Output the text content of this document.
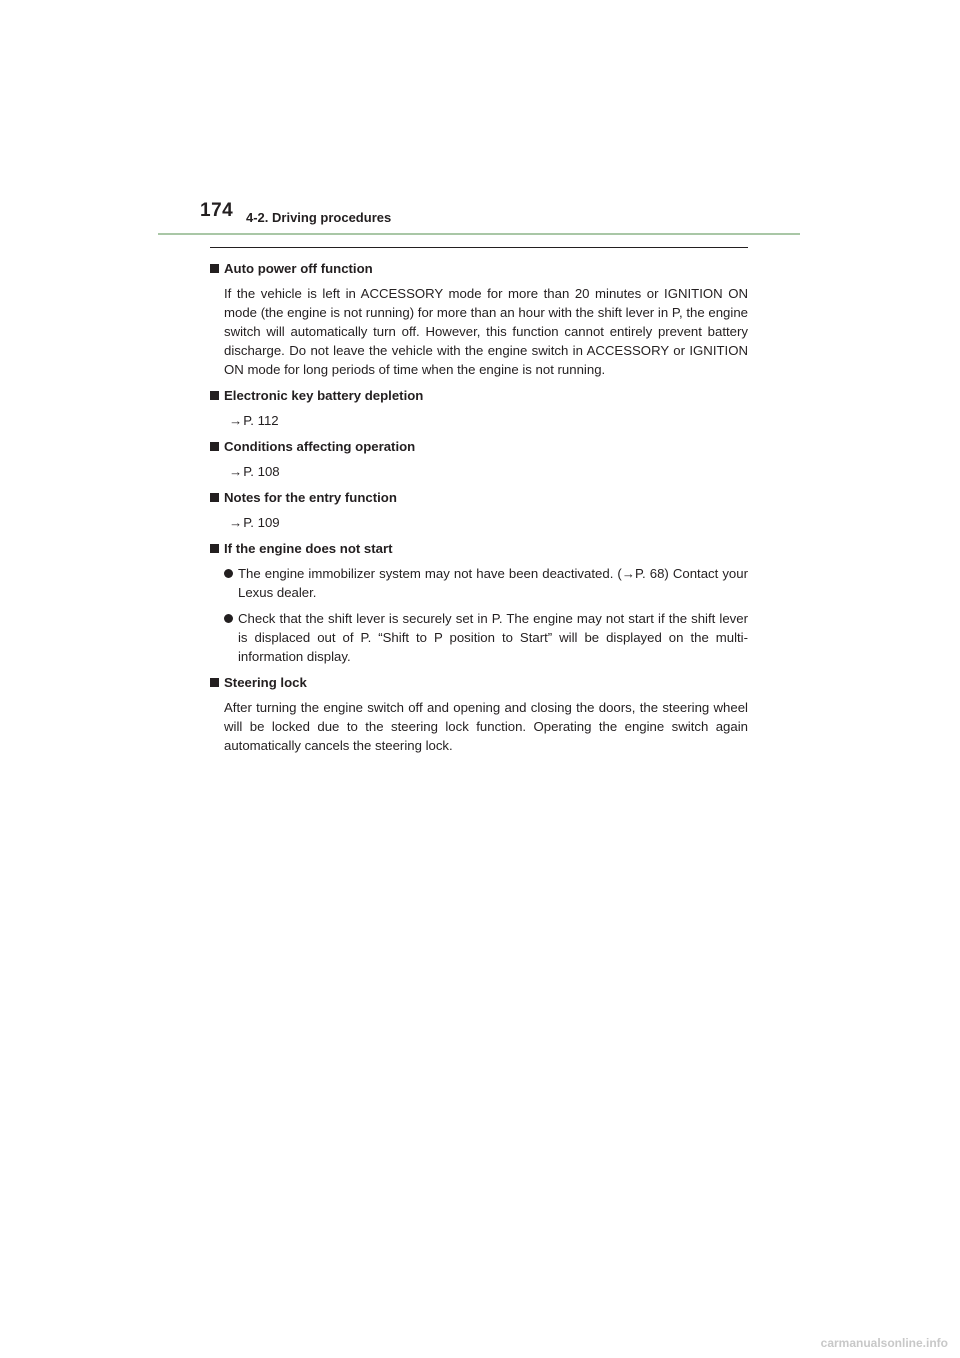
174 4-2. Driving procedures
Auto power off function
If the vehicle is left in ACCESSORY mode for more than 20 minutes or IGNITION ON mode (the engine is not running) for more than an hour with the shift lever in P, the engine switch will automatically turn off. However, this function cannot entirely prevent battery discharge. Do not leave the vehicle with the engine switch in ACCESSORY or IGNITION ON mode for long periods of time when the engine is not running.
Electronic key battery depletion
→P. 112
Conditions affecting operation
→P. 108
Notes for the entry function
→P. 109
If the engine does not start
The engine immobilizer system may not have been deactivated. (→P. 68) Contact your Lexus dealer.
Check that the shift lever is securely set in P. The engine may not start if the shift lever is displaced out of P. “Shift to P position to Start” will be displayed on the multi-information display.
Steering lock
After turning the engine switch off and opening and closing the doors, the steering wheel will be locked due to the steering lock function. Operating the engine switch again automatically cancels the steering lock.
carmanualsonline.info
